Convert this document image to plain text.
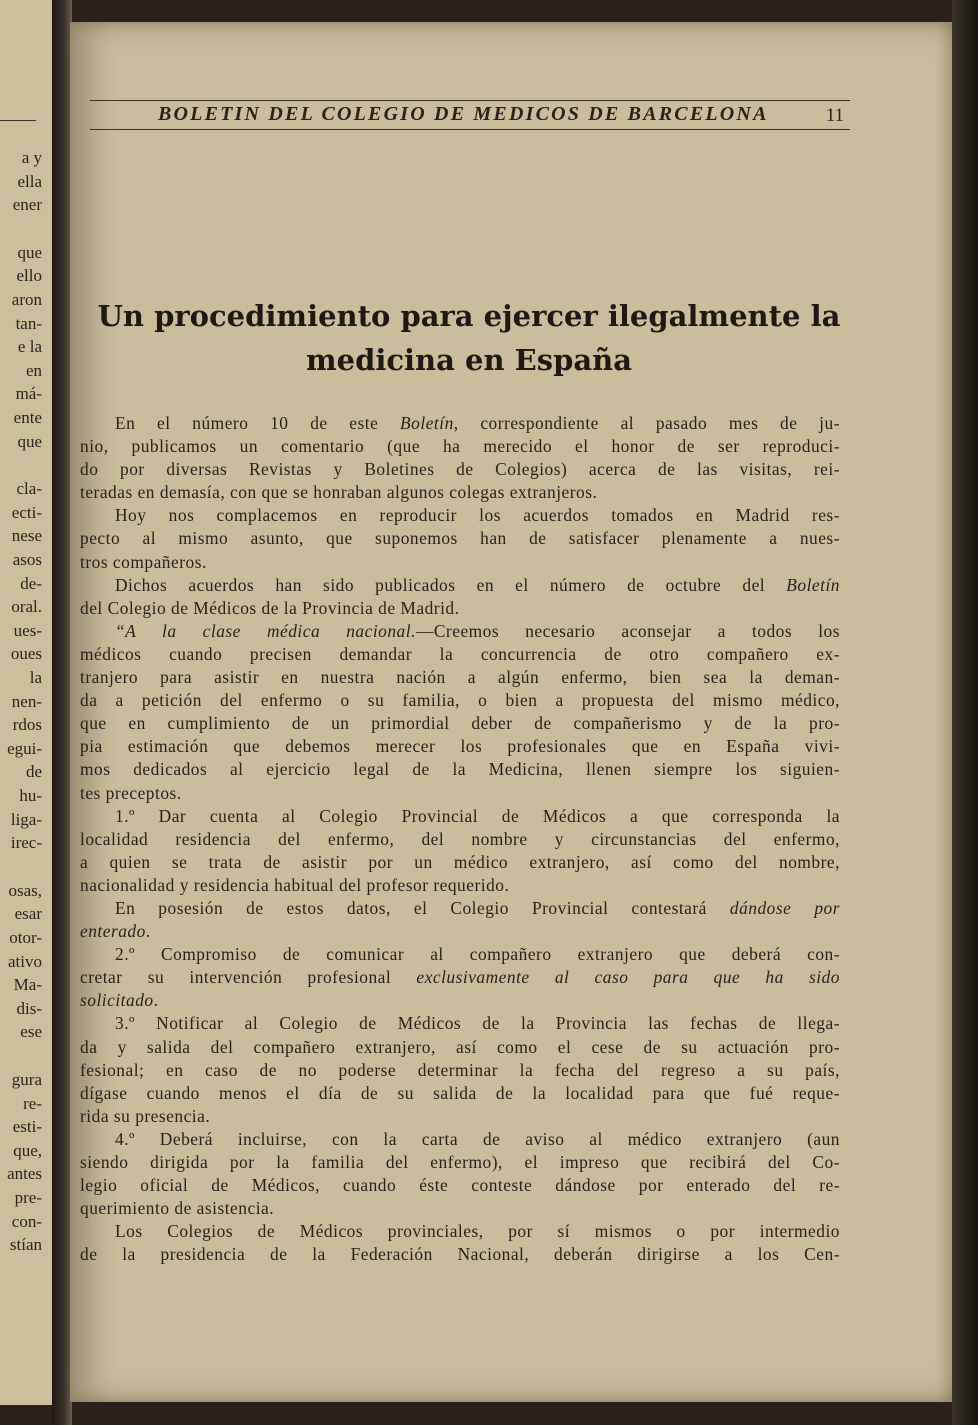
a y
ella
ener
que
ello
aron
tan-
e la
en
má-
ente
que
cla-
ecti-
nese
asos
de-
oral.
ues-
oues
la
nen-
rdos
egui-
de
hu-
liga-
irec-
osas,
esar
otor-
ativo
Ma-
dis-
ese
gura
re-
esti-
que,
antes
pre-
con-
stían
BOLETIN DEL COLEGIO DE MEDICOS DE BARCELONA	11
Un procedimiento para ejercer ilegalmente la
medicina en España
En el número 10 de este Boletín, correspondiente al pasado mes de ju-
nio, publicamos un comentario (que ha merecido el honor de ser reproduci-
do por diversas Revistas y Boletines de Colegios) acerca de las visitas, rei-
teradas en demasía, con que se honraban algunos colegas extranjeros.
Hoy nos complacemos en reproducir los acuerdos tomados en Madrid res-
pecto al mismo asunto, que suponemos han de satisfacer plenamente a nues-
tros compañeros.
Dichos acuerdos han sido publicados en el número de octubre del Boletín
del Colegio de Médicos de la Provincia de Madrid.
“A la clase médica nacional.—Creemos necesario aconsejar a todos los
médicos cuando precisen demandar la concurrencia de otro compañero ex-
tranjero para asistir en nuestra nación a algún enfermo, bien sea la deman-
da a petición del enfermo o su familia, o bien a propuesta del mismo médico,
que en cumplimiento de un primordial deber de compañerismo y de la pro-
pia estimación que debemos merecer los profesionales que en España vivi-
mos dedicados al ejercicio legal de la Medicina, llenen siempre los siguien-
tes preceptos.
1.º Dar cuenta al Colegio Provincial de Médicos a que corresponda la
localidad residencia del enfermo, del nombre y circunstancias del enfermo,
a quien se trata de asistir por un médico extranjero, así como del nombre,
nacionalidad y residencia habitual del profesor requerido.
En posesión de estos datos, el Colegio Provincial contestará dándose por
enterado.
2.º Compromiso de comunicar al compañero extranjero que deberá con-
cretar su intervención profesional exclusivamente al caso para que ha sido
solicitado.
3.º Notificar al Colegio de Médicos de la Provincia las fechas de llega-
da y salida del compañero extranjero, así como el cese de su actuación pro-
fesional; en caso de no poderse determinar la fecha del regreso a su país,
dígase cuando menos el día de su salida de la localidad para que fué reque-
rida su presencia.
4.º Deberá incluirse, con la carta de aviso al médico extranjero (aun
siendo dirigida por la familia del enfermo), el impreso que recibirá del Co-
legio oficial de Médicos, cuando éste conteste dándose por enterado del re-
querimiento de asistencia.
Los Colegios de Médicos provinciales, por sí mismos o por intermedio
de la presidencia de la Federación Nacional, deberán dirigirse a los Cen-
